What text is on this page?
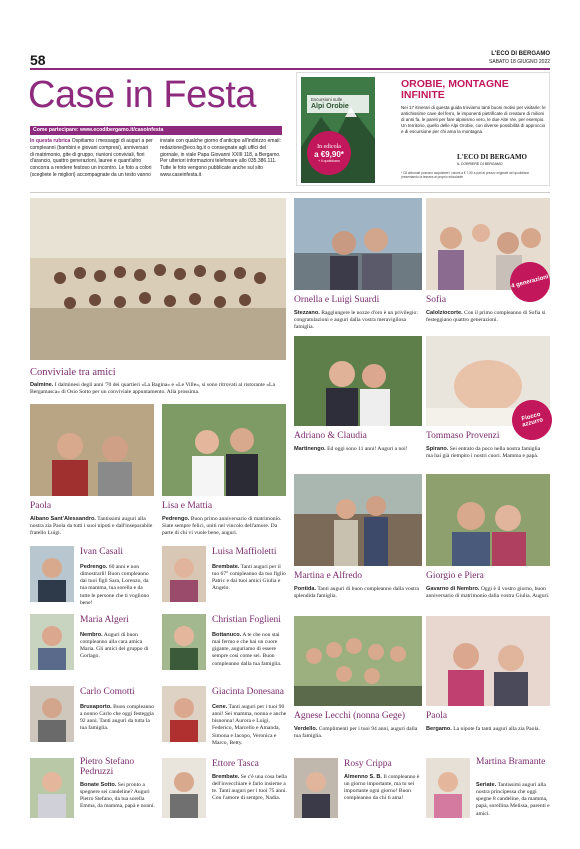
58	L'ECO DI BERGAMO
SABATO 18 GIUGNO 2022
Case in Festa
Come partecipare: www.ecodibergamo.it/casoinfesta
In questa rubrica Ospitiamo i messaggi di auguri a per compleanni (bambini e giovani compresi), anniversari di matrimonio, gite di gruppo, riunioni conviviali, fiori d'arancio, quattro generazioni, lauree e quant'altro concorra a rendere festoso un incontro. Le foto a colori (scegliete le migliori) accompagnate da un testo vanno
inviate con qualche giorno d'anticipo all'indirizzo email: redazione@eco.bg.it o consegnate agli uffici del giornale, in viale Papa Giovanni XXIII 118, a Bergamo. Per ulteriori informazioni telefonare allo 035.386.111. Tutte le foto vengono pubblicate anche sul sito www.caseinfesta.it
Escursioni sulle
Alpi Orobie
In edicola
a €9,90*
+ il quotidiano
OROBIE, MONTAGNE INFINITE
Nei 17 itinerari di questa guida troviamo tanti buoni motivi per visitarle: le antichissime cave del ferro, le imponenti pietrificate di creature di milioni di anni fa, le pareti per fare alpinismo vero, le due Alte Vie, per esempio. Un territorio, quello delle Alpi Orobie, con diverse possibilità di approccio e di escursione per chi ama la montagna.
L'ECO DI BERGAMO
IL CORRIERE DI BERGAMO
* Gli abbonati possono acquistare i volumi a € 7,50 a pari al prezzo originale del quotidiano presentando la tessera al proprio edicolante
Conviviale tra amici
Dalmine. I dalminesi degli anni '70 dei quartieri «La Bagina» e «Le Ville», si sono ritrovati al ristorante «La Bergamasca» di Osio Sotto per un conviviale appuntamento. Alla prossima.
Ornella e Luigi Suardi
Stezzano. Raggiungere le nozze d'oro è un privilegio: congratulazioni e auguri dalla vostra meravigliosa famiglia.
4 generazioni
Sofia
Calolziocorte. Con il primo compleanno di Sofia si festeggiano quattro generazioni.
Adriano & Claudia
Martinengo. Ed oggi sono 11 anni! Auguri a noi!
Fiocco azzurro
Tommaso Provenzi
Spirano. Sei entrato da poco nella nostra famiglia ma hai già riempito i nostri cuori. Mamma e papà.
Paola
Albano Sant'Alessandro. Tantissimi auguri alla nostra zia Paola da tutti i suoi nipoti e dall'inseparabile fratello Luigi.
Lisa e Mattia
Pedrengo. Buon primo anniversario di matrimonio. Siate sempre felici, uniti nel vincolo dell'amore. Da parte di chi vi vuole bene, auguri.
Martina e Alfredo
Pontida. Tanti auguri di buon compleanno dalla vostra splendida famiglia.
Giorgio e Piera
Gavarno di Nembro. Oggi è il vostro giorno, buon anniversario di matrimonio dalla vostra Giulia. Auguri.
Ivan Casali
Pedrengo. 60 anni e non dimostrarli! Buon compleanno dai tuoi figli Sara, Lorenzo, da tua mamma, tua sorella e da tutte le persone che ti vogliono bene!
Luisa Maffioletti
Brembate. Tanti auguri per il tuo 67° compleanno da tuo figlio Patric e dai tuoi amici Giulia e Angelo.
Maria Algeri
Nembro. Auguri di buon compleanno alla cara amica Maria. Gli amici del gruppo di Gorlago.
Christian Foglieni
Bottanuco. A te che non stai mai fermo e che hai un cuore gigante, auguriamo di essere sempre così come sei. Buon compleanno dalla tua famiglia.
Carlo Comotti
Brusaporto. Buon compleanno a nonno Carlo che oggi festeggia 92 anni. Tanti auguri da tutta la tua famiglia.
Giacinta Donesana
Cene. Tanti auguri per i tuoi 90 anni! Sei mamma, nonna e anche bisnonna! Aurora e Luigi, Federico, Marcello e Amanda, Simona e Jacopo, Veronica e Marco, Betty.
Agnese Lecchi (nonna Gege)
Verdello. Complimenti per i tuoi 94 anni, auguri dalla tua famiglia.
Paola
Bergamo. La nipote fa tanti auguri alla zia Paola.
Pietro Stefano Pedruzzi
Bonate Sotto. Sei pronto a spegnere sei candeline? Auguri Pietro Stefano, da tua sorella Emma, da mamma, papà e nonni.
Ettore Tasca
Brembate. Se c'è una cosa bella dell'invecchiare è farlo insieme a te. Tanti auguri per i tuoi 75 anni. Con l'amore di sempre, Nadia.
Rosy Crippa
Almenno S. B. Il compleanno è un giorno importante, ma tu sei importante ogni giorno! Buon compleanno da chi ti ama!
Martina Bramante
Seriate. Tantissimi auguri alla nostra principessa che oggi spegne 8 candeline, da mamma, papà, sorellina Melissa, parenti e amici.
